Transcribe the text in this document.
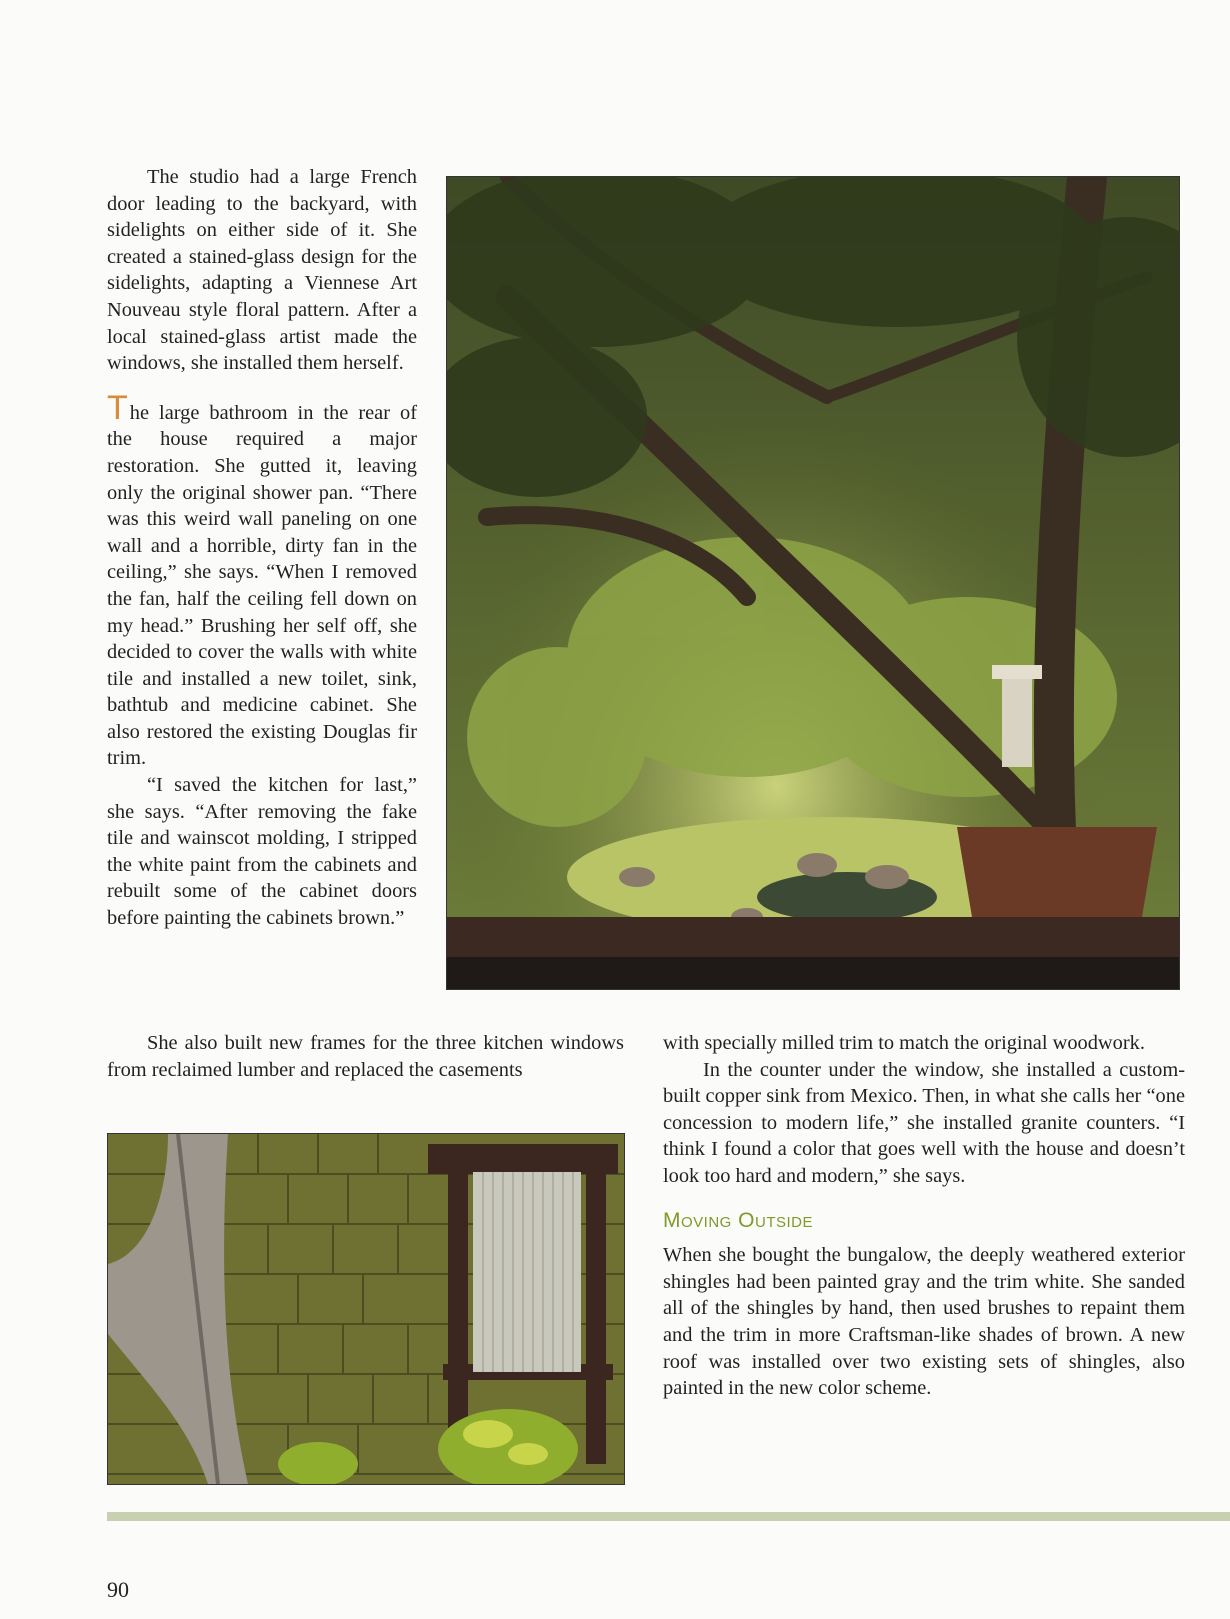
The studio had a large French door leading to the backyard, with sidelights on either side of it. She created a stained-glass design for the sidelights, adapting a Viennese Art Nouveau style floral pattern. After a local stained-glass artist made the windows, she installed them herself.

The large bathroom in the rear of the house required a major restoration. She gutted it, leaving only the original shower pan. “There was this weird wall paneling on one wall and a horrible, dirty fan in the ceiling,” she says. “When I removed the fan, half the ceiling fell down on my head.” Brushing her self off, she decided to cover the walls with white tile and installed a new toilet, sink, bathtub and medicine cabinet. She also restored the existing Douglas fir trim.

“I saved the kitchen for last,” she says. “After removing the fake tile and wainscot molding, I stripped the white paint from the cabinets and rebuilt some of the cabinet doors before painting the cabinets brown.”

She also built new frames for the three kitchen windows from reclaimed lumber and replaced the casements

with specially milled trim to match the original woodwork.

In the counter under the window, she installed a custom-built copper sink from Mexico. Then, in what she calls her “one concession to modern life,” she installed granite counters. “I think I found a color that goes well with the house and doesn’t look too hard and modern,” she says.

Moving Outside

When she bought the bungalow, the deeply weathered exterior shingles had been painted gray and the trim white. She sanded all of the shingles by hand, then used brushes to repaint them and the trim in more Craftsman-like shades of brown. A new roof was installed over two existing sets of shingles, also painted in the new color scheme.

90
